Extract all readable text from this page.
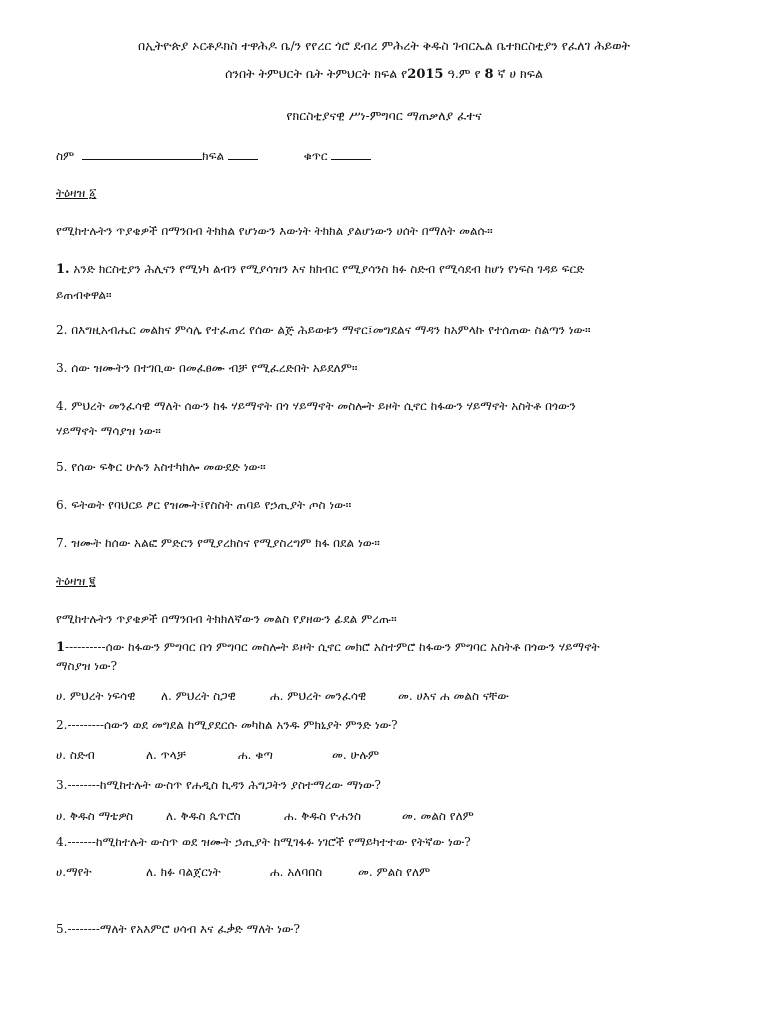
በኢትዮጵያ ኦርቶዶክስ ተዋሕዶ ቤ/ን የየረር ጎሮ ደብረ ምሕረት ቅዱስ ገብርኤል ቤተክርስቲያን የፈለገ ሕይወት
ሰንበት ትምህርት ቤት ትምህርት ክፍል የ2015 ዓ.ም የ 8 ኛ ሀ ክፍል
የክርስቲያናዊ ሥነ-ምግባር ማጠቃለያ ፈተና
ስም	ክፍል	ቁጥር
ትዕዛዝ ፩
የሚከተሉትን ጥያቄዎች በማንበብ ትክክል የሆነውን እውነት ትክክል ያልሆነውን ሀሰት በማለት መልሱ።
1. አንድ ክርስቲያን ሕሊናን የሚነካ ልብን የሚያሳዝን እና ክክብር የሚያሳንስ ክፉ ስድብ የሚሳደብ ከሆነ የነፍስ ገዳይ ፍርድ
ይጠብቀዋል።
2. በእግዚአብሔር መልክና ምሳሌ የተፈጠረ የሰው ልጅ ሕይወቱን ማኖር፤መግደልና ማዳን ከአምላኩ የተሰጠው ስልጣን ነው።
3. ሰው ዝሙትን በተገቢው በመፈፀሙ ብቻ የሚፈረድበት አይደለም።
4. ምህረት መንፈሳዊ ማለት ሰውን ከፋ ሃይማኖት በጎ ሃይማኖት መስሎት ይዞት ሲኖር ከፋውን ሃይማኖት አስትቶ በጎውን
ሃይማኖት ማሳያዝ ነው።
5. የሰው ፍቅር ሁሉን አስተካክሎ መውደድ ነው።
6. ፍትወት የባህርይ ፆር የዝሙት፤የስስት ጠባይ የኃጢያት ጦስ ነው።
7. ዝሙት ከሰው አልፎ ምድርን የሚያረክስና የሚያስረግም ክፋ በደል ነው።
ትዕዛዝ ፪
የሚከተሉትን ጥያቄዎች በማንበብ ትክክለኛውን መልስ የያዘውን ፊደል ምረጡ።
1----------ሰው ከፋውን ምግባር በጎ ምግባር መስሎት ይዞት ሲኖር መክሮ አስተምሮ ከፋውን ምግባር አስትቶ በጎውን ሃይማኖት
ማስያዝ ነው?
ሀ. ምህረት ነፍሳዊ ለ. ምህረት ስጋዊ	ሐ. ምህረት መንፈሳዊ	መ. ሀእና ሐ መልስ ናቸው
2.---------ሰውን ወደ መግደል ከሚያደርሱ መካከል አንዱ ምክኒያት ምንድ ነው?
ሀ. ስድብ	ለ. ጥላቻ	ሐ. ቁጣ	መ. ሁሉም
3.--------ከሚከተሉት ውስጥ የሐዲስ ኪዳን ሕግጋትን ያስተማረው ማነው?
ሀ. ቅዱስ ማቴዎስ	ለ. ቅዱስ ጴጥሮስ	ሐ. ቅዱስ ዮሐንስ	መ. መልስ የለም
4.-------ከሚከተሉት ውስጥ ወደ ዝሙት ኃጢያት ከሚገፋፉ ነገሮች የማይካተተው የትኛው ነው?
ሀ.ማየት	ለ. ክፉ ባልጀርነት	ሐ. አለባበስ	መ. ምልስ የለም
5.--------ማለት የአእምሮ ሀሳብ እና ፈቃድ ማለት ነው?
